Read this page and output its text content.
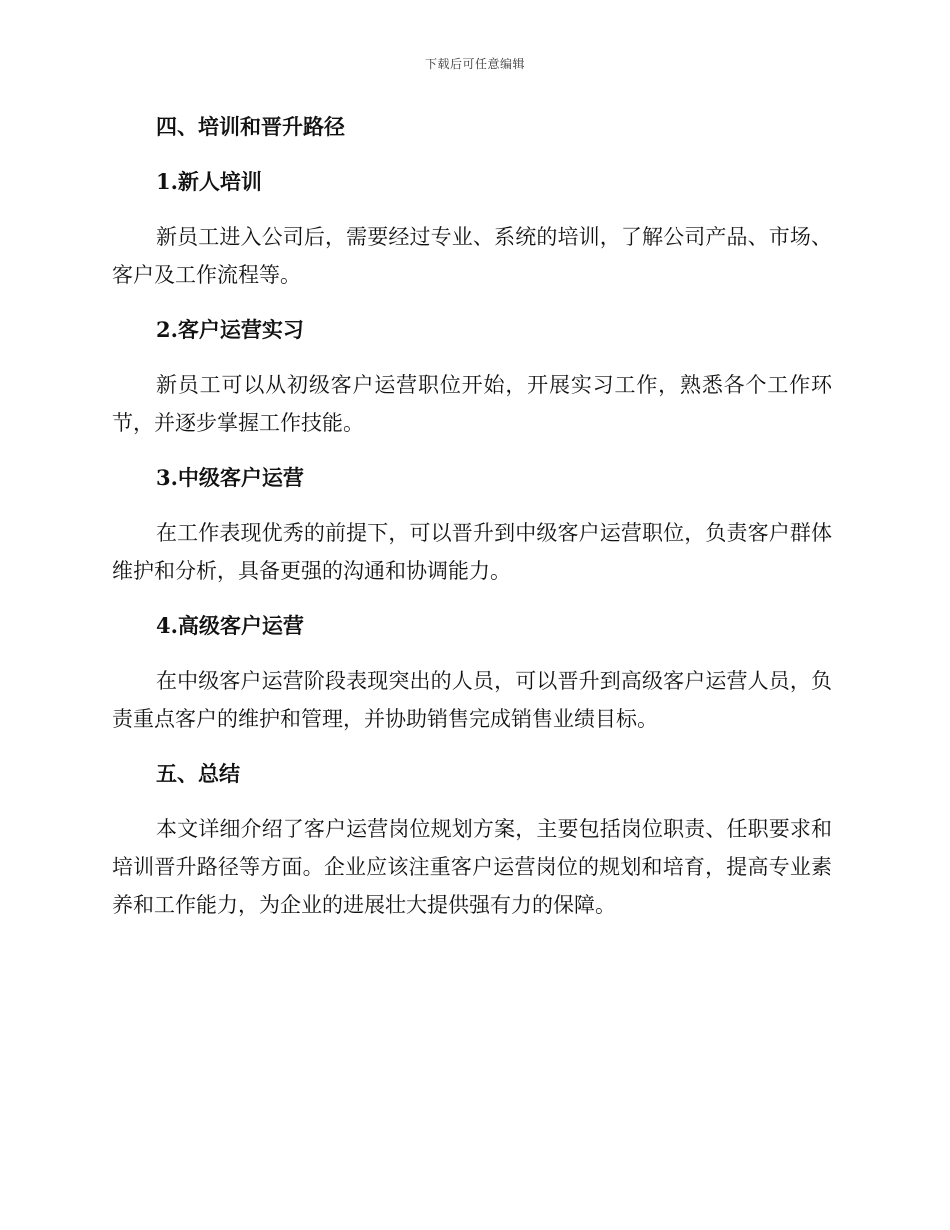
下载后可任意编辑
四、培训和晋升路径
1.新人培训

新员工进入公司后，需要经过专业、系统的培训，了解公司产品、市场、客户及工作流程等。

2.客户运营实习

新员工可以从初级客户运营职位开始，开展实习工作，熟悉各个工作环节，并逐步掌握工作技能。

3.中级客户运营

在工作表现优秀的前提下，可以晋升到中级客户运营职位，负责客户群体维护和分析，具备更强的沟通和协调能力。

4.高级客户运营

在中级客户运营阶段表现突出的人员，可以晋升到高级客户运营人员，负责重点客户的维护和管理，并协助销售完成销售业绩目标。

五、总结

本文详细介绍了客户运营岗位规划方案，主要包括岗位职责、任职要求和培训晋升路径等方面。企业应该注重客户运营岗位的规划和培育，提高专业素养和工作能力，为企业的进展壮大提供强有力的保障。
